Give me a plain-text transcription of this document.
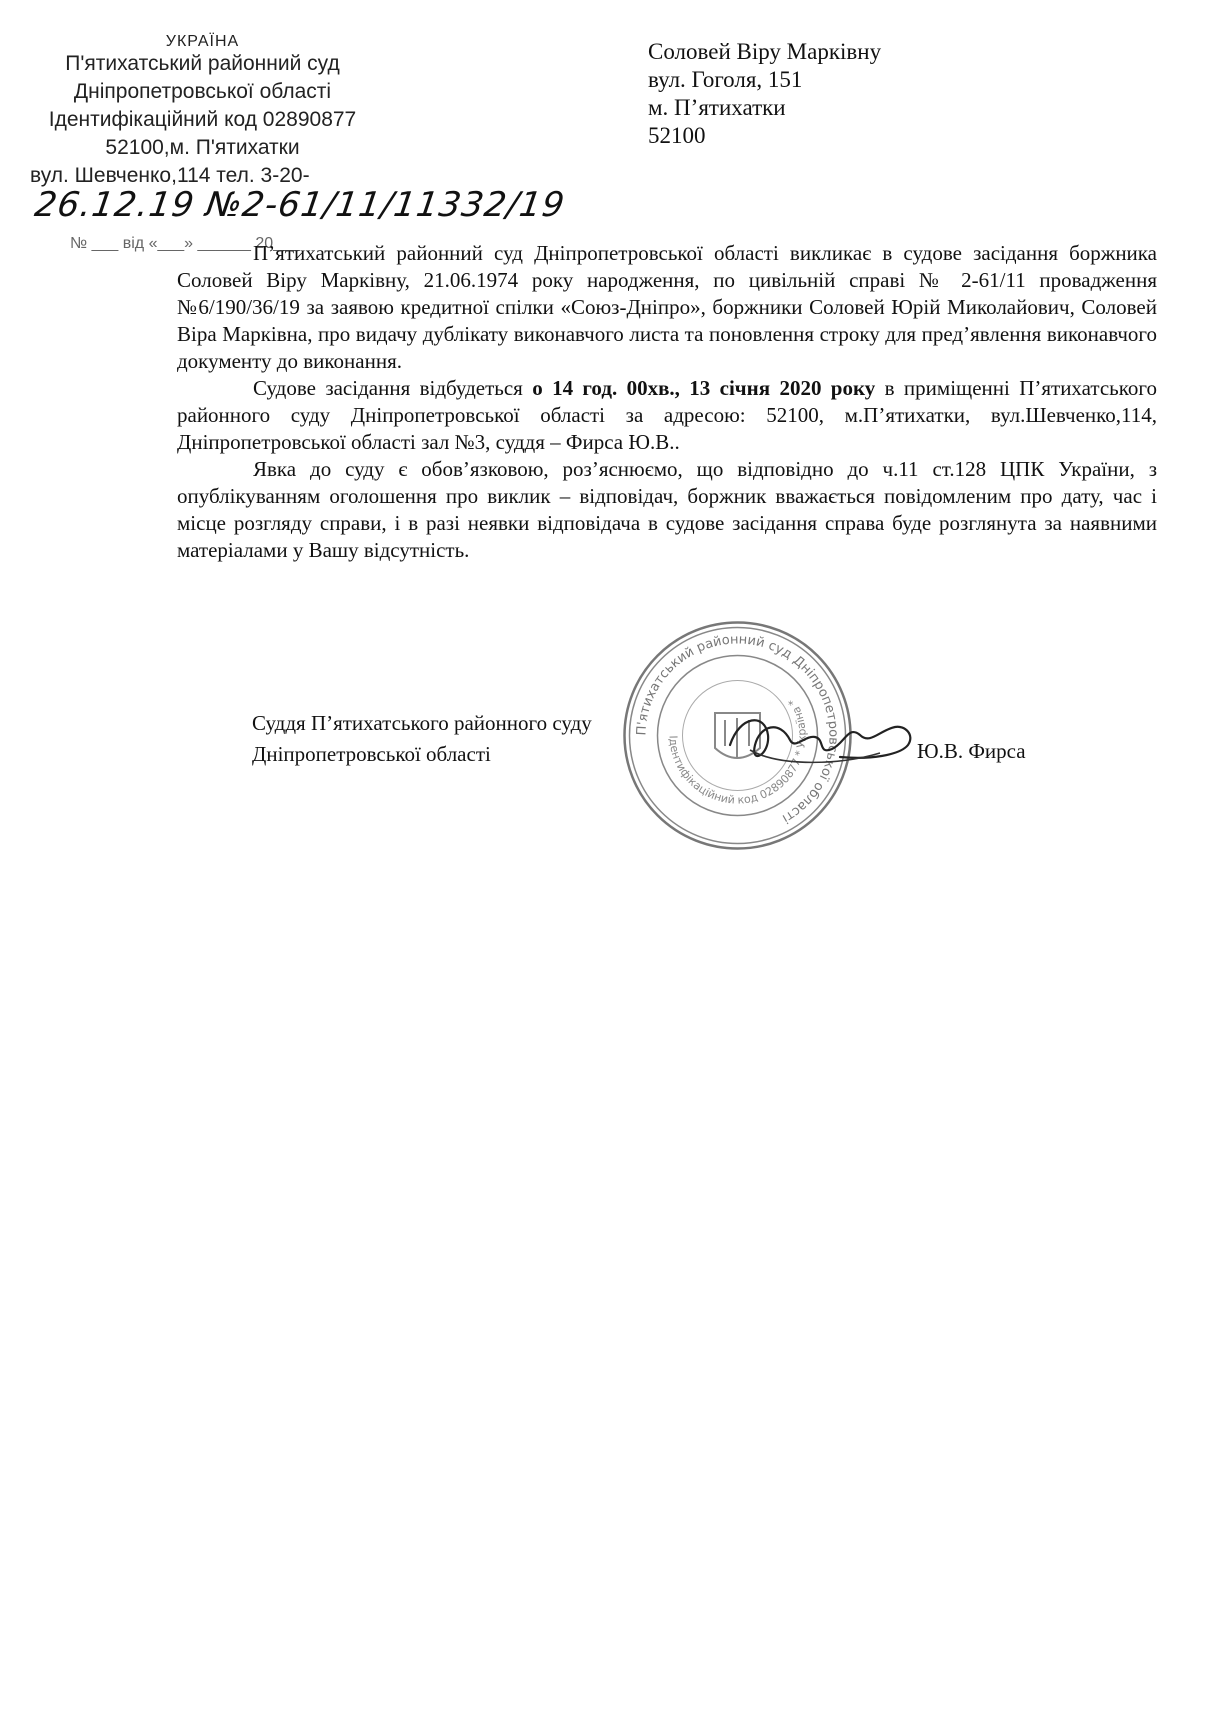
УКРАЇНА
П'ятихатський районний суд
Дніпропетровської області
Ідентифікаційний код 02890877
52100,м. П'ятихатки
вул. Шевченко,114 тел. 3-20-
26.12.19 №2-61/11/11332/19
№ ___ від «___» ______ 20___
Соловей Віру Марківну
вул. Гоголя, 151
м. П’ятихатки
52100

П’ятихатський районний суд Дніпропетровської області викликає в судове засідання боржника Соловей Віру Марківну, 21.06.1974 року народження, по цивільній справі № 2-61/11 провадження №6/190/36/19 за заявою кредитної спілки «Союз-Дніпро», боржники Соловей Юрій Миколайович, Соловей Віра Марківна, про видачу дублікату виконавчого листа та поновлення строку для пред’явлення виконавчого документу до виконання.

Судове засідання відбудеться о 14 год. 00хв., 13 січня 2020 року в приміщенні П’ятихатського районного суду Дніпропетровської області за адресою: 52100, м.П’ятихатки, вул.Шевченко,114, Дніпропетровської області зал №3, суддя – Фирса Ю.В..

Явка до суду є обов’язковою, роз’яснюємо, що відповідно до ч.11 ст.128 ЦПК України, з опублікуванням оголошення про виклик – відповідач, боржник вважається повідомленим про дату, час і місце розгляду справи, і в разі неявки відповідача в судове засідання справа буде розглянута за наявними матеріалами у Вашу відсутність.

П'ятихатський районний суд Дніпропетровської області
Ідентифікаційний код 02890877 * Україна *
Суддя П’ятихатського районного суду
Дніпропетровської області	Ю.В. Фирса
